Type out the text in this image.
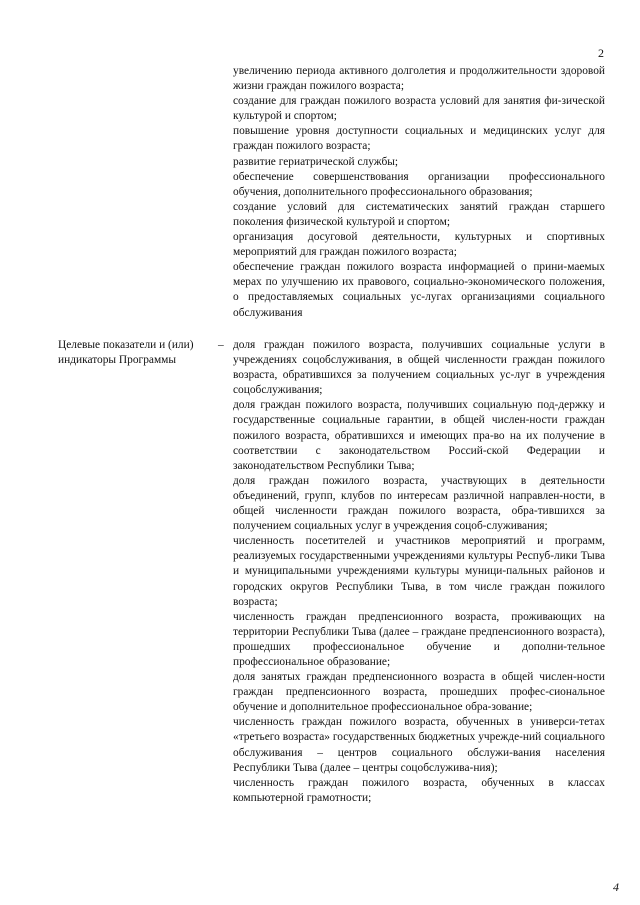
2

увеличению периода активного долголетия и продолжительности здоровой жизни граждан пожилого возраста;

создание для граждан пожилого возраста условий для занятия фи-зической культурой и спортом;

повышение уровня доступности социальных и медицинских услуг для граждан пожилого возраста;

развитие гериатрической службы;

обеспечение совершенствования организации профессионального обучения, дополнительного профессионального образования;

создание условий для систематических занятий граждан старшего поколения физической культурой и спортом;

организация досуговой деятельности, культурных и спортивных мероприятий для граждан пожилого возраста;

обеспечение граждан пожилого возраста информацией о прини-маемых мерах по улучшению их правового, социально-экономического положения, о предоставляемых социальных ус-лугах организациями социального обслуживания

Целевые показатели и (или) индикаторы Программы
– доля граждан пожилого возраста, получивших социальные услуги в учреждениях соцобслуживания, в общей численности граждан пожилого возраста, обратившихся за получением социальных ус-луг в учреждения соцобслуживания;

доля граждан пожилого возраста, получивших социальную под-держку и государственные социальные гарантии, в общей числен-ности граждан пожилого возраста, обратившихся и имеющих пра-во на их получение в соответствии с законодательством Россий-ской Федерации и законодательством Республики Тыва;

доля граждан пожилого возраста, участвующих в деятельности объединений, групп, клубов по интересам различной направлен-ности, в общей численности граждан пожилого возраста, обра-тившихся за получением социальных услуг в учреждения соцоб-служивания;

численность посетителей и участников мероприятий и программ, реализуемых государственными учреждениями культуры Респуб-лики Тыва и муниципальными учреждениями культуры муници-пальных районов и городских округов Республики Тыва, в том числе граждан пожилого возраста;

численность граждан предпенсионного возраста, проживающих на территории Республики Тыва (далее – граждане предпенсионного возраста), прошедших профессиональное обучение и дополни-тельное профессиональное образование;

доля занятых граждан предпенсионного возраста в общей числен-ности граждан предпенсионного возраста, прошедших профес-сиональное обучение и дополнительное профессиональное обра-зование;

численность граждан пожилого возраста, обученных в универси-тетах «третьего возраста» государственных бюджетных учрежде-ний социального обслуживания – центров социального обслужи-вания населения Республики Тыва (далее – центры соцобслужива-ния);

численность граждан пожилого возраста, обученных в классах компьютерной грамотности;

4
